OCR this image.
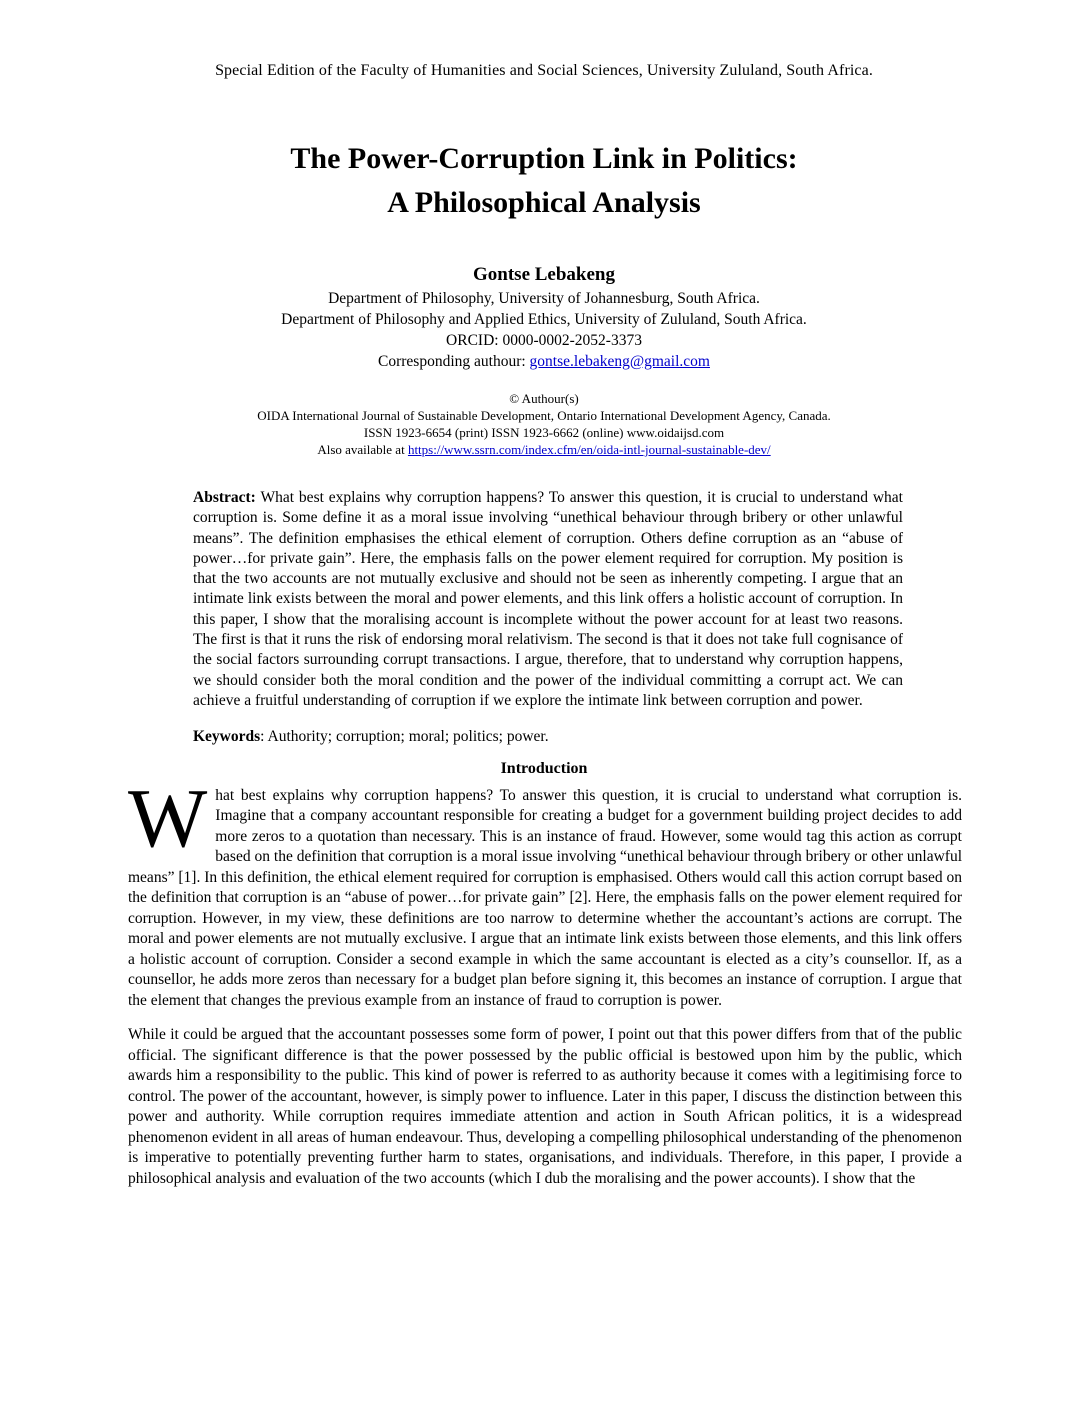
Special Edition of the Faculty of Humanities and Social Sciences, University Zululand, South Africa.
The Power-Corruption Link in Politics:
A Philosophical Analysis
Gontse Lebakeng
Department of Philosophy, University of Johannesburg, South Africa.
Department of Philosophy and Applied Ethics, University of Zululand, South Africa.
ORCID: 0000-0002-2052-3373
Corresponding authour: gontse.lebakeng@gmail.com
© Authour(s)
OIDA International Journal of Sustainable Development, Ontario International Development Agency, Canada.
ISSN 1923-6654 (print) ISSN 1923-6662 (online) www.oidaijsd.com
Also available at https://www.ssrn.com/index.cfm/en/oida-intl-journal-sustainable-dev/
Abstract: What best explains why corruption happens? To answer this question, it is crucial to understand what corruption is. Some define it as a moral issue involving “unethical behaviour through bribery or other unlawful means”. The definition emphasises the ethical element of corruption. Others define corruption as an “abuse of power…for private gain”. Here, the emphasis falls on the power element required for corruption. My position is that the two accounts are not mutually exclusive and should not be seen as inherently competing. I argue that an intimate link exists between the moral and power elements, and this link offers a holistic account of corruption. In this paper, I show that the moralising account is incomplete without the power account for at least two reasons. The first is that it runs the risk of endorsing moral relativism. The second is that it does not take full cognisance of the social factors surrounding corrupt transactions. I argue, therefore, that to understand why corruption happens, we should consider both the moral condition and the power of the individual committing a corrupt act. We can achieve a fruitful understanding of corruption if we explore the intimate link between corruption and power.
Keywords: Authority; corruption; moral; politics; power.
Introduction
What best explains why corruption happens? To answer this question, it is crucial to understand what corruption is. Imagine that a company accountant responsible for creating a budget for a government building project decides to add more zeros to a quotation than necessary. This is an instance of fraud. However, some would tag this action as corrupt based on the definition that corruption is a moral issue involving “unethical behaviour through bribery or other unlawful means” [1]. In this definition, the ethical element required for corruption is emphasised. Others would call this action corrupt based on the definition that corruption is an “abuse of power…for private gain” [2]. Here, the emphasis falls on the power element required for corruption. However, in my view, these definitions are too narrow to determine whether the accountant’s actions are corrupt. The moral and power elements are not mutually exclusive. I argue that an intimate link exists between those elements, and this link offers a holistic account of corruption. Consider a second example in which the same accountant is elected as a city’s counsellor. If, as a counsellor, he adds more zeros than necessary for a budget plan before signing it, this becomes an instance of corruption. I argue that the element that changes the previous example from an instance of fraud to corruption is power.
While it could be argued that the accountant possesses some form of power, I point out that this power differs from that of the public official. The significant difference is that the power possessed by the public official is bestowed upon him by the public, which awards him a responsibility to the public. This kind of power is referred to as authority because it comes with a legitimising force to control. The power of the accountant, however, is simply power to influence. Later in this paper, I discuss the distinction between this power and authority. While corruption requires immediate attention and action in South African politics, it is a widespread phenomenon evident in all areas of human endeavour. Thus, developing a compelling philosophical understanding of the phenomenon is imperative to potentially preventing further harm to states, organisations, and individuals. Therefore, in this paper, I provide a philosophical analysis and evaluation of the two accounts (which I dub the moralising and the power accounts). I show that the
